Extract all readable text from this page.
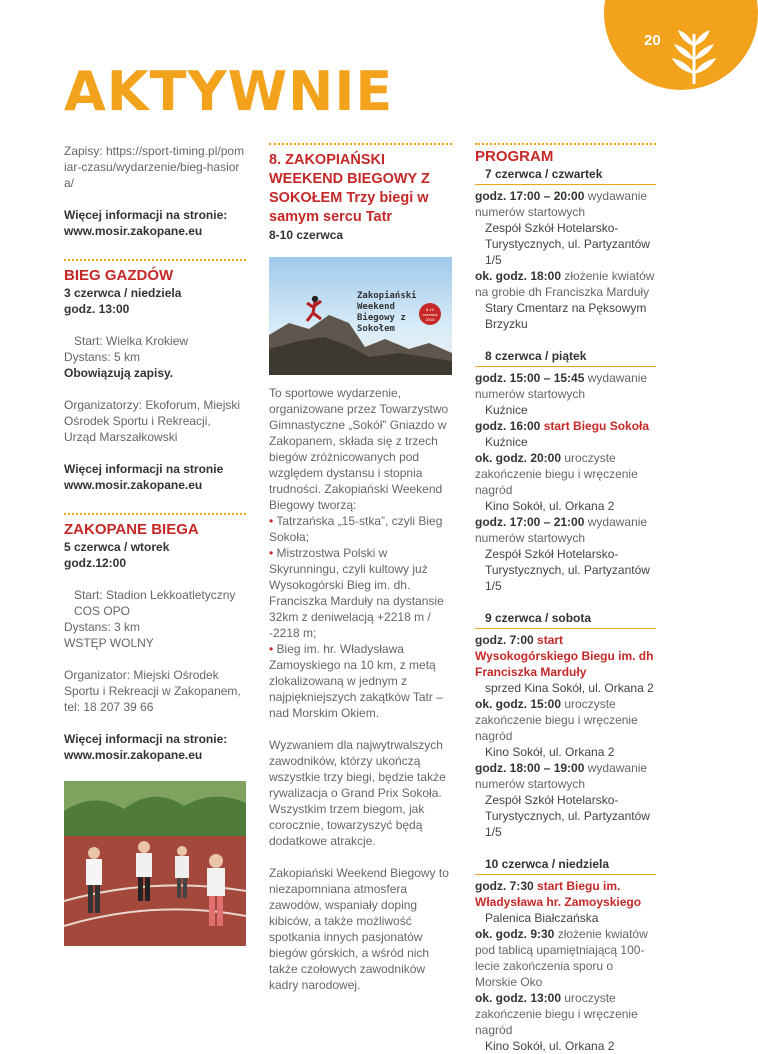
20
AKTYWNIE
Zapisy: https://sport-timing.pl/pomiar-czasu/wydarzenie/bieg-hasiora/
Więcej informacji na stronie:
www.mosir.zakopane.eu
BIEG GAZDÓW
3 czerwca / niedziela
godz. 13:00
Start: Wielka Krokiew
Dystans: 5 km
Obowiązują zapisy.
Organizatorzy: Ekoforum, Miejski Ośrodek Sportu i Rekreacji, Urząd Marszałkowski
Więcej informacji na stronie
www.mosir.zakopane.eu
ZAKOPANE BIEGA
5 czerwca / wtorek
godz.12:00
Start: Stadion Lekkoatletyczny COS OPO
Dystans: 3 km
WSTĘP WOLNY
Organizator: Miejski Ośrodek Sportu i Rekreacji w Zakopanem, tel: 18 207 39 66
Więcej informacji na stronie:
www.mosir.zakopane.eu
8. ZAKOPIAŃSKI WEEKEND BIEGOWY Z SOKOŁEM Trzy biegi w samym sercu Tatr
8-10 czerwca
Zakopiański Weekend Biegowy z Sokołem
8-10 czerwca 2018
To sportowe wydarzenie, organizowane przez Towarzystwo Gimnastyczne „Sokół” Gniazdo w Zakopanem, składa się z trzech biegów zróżnicowanych pod względem dystansu i stopnia trudności. Zakopiański Weekend Biegowy tworzą:
• Tatrzańska „15-stka”, czyli Bieg Sokoła;
• Mistrzostwa Polski w Skyrunningu, czyli kultowy już Wysokogórski Bieg im. dh. Franciszka Marduły na dystansie 32km z deniwelacją +2218 m / -2218 m;
• Bieg im. hr. Władysława Zamoyskiego na 10 km, z metą zlokalizowaną w jednym z najpiękniejszych zakątków Tatr – nad Morskim Okiem.
Wyzwaniem dla najwytrwalszych zawodników, którzy ukończą wszystkie trzy biegi, będzie także rywalizacja o Grand Prix Sokoła. Wszystkim trzem biegom, jak corocznie, towarzyszyć będą dodatkowe atrakcje.
Zakopiański Weekend Biegowy to niezapomniana atmosfera zawodów, wspaniały doping kibiców, a także możliwość spotkania innych pasjonatów biegów górskich, a wśród nich także czołowych zawodników kadry narodowej.
PROGRAM
7 czerwca / czwartek
godz. 17:00 – 20:00 wydawanie numerów startowych
Zespół Szkół Hotelarsko-Turystycznych, ul. Partyzantów 1/5
ok. godz. 18:00 złożenie kwiatów na grobie dh Franciszka Marduły
Stary Cmentarz na Pęksowym Brzyzku
8 czerwca / piątek
godz. 15:00 – 15:45 wydawanie numerów startowych
Kuźnice
godz. 16:00 start Biegu Sokoła
Kuźnice
ok. godz. 20:00 uroczyste zakończenie biegu i wręczenie nagród
Kino Sokół, ul. Orkana 2
godz. 17:00 – 21:00 wydawanie numerów startowych
Zespół Szkół Hotelarsko-Turystycznych, ul. Partyzantów 1/5
9 czerwca / sobota
godz. 7:00 start Wysokogórskiego Biegu im. dh Franciszka Marduły
sprzed Kina Sokół, ul. Orkana 2
ok. godz. 15:00 uroczyste zakończenie biegu i wręczenie nagród
Kino Sokół, ul. Orkana 2
godz. 18:00 – 19:00 wydawanie numerów startowych
Zespół Szkół Hotelarsko-Turystycznych, ul. Partyzantów 1/5
10 czerwca / niedziela
godz. 7:30 start Biegu im. Władysława hr. Zamoyskiego
Palenica Białczańska
ok. godz. 9:30 złożenie kwiatów pod tablicą upamiętniającą 100-lecie zakończenia sporu o Morskie Oko
ok. godz. 13:00 uroczyste zakończenie biegu i wręczenie nagród
Kino Sokół, ul. Orkana 2
